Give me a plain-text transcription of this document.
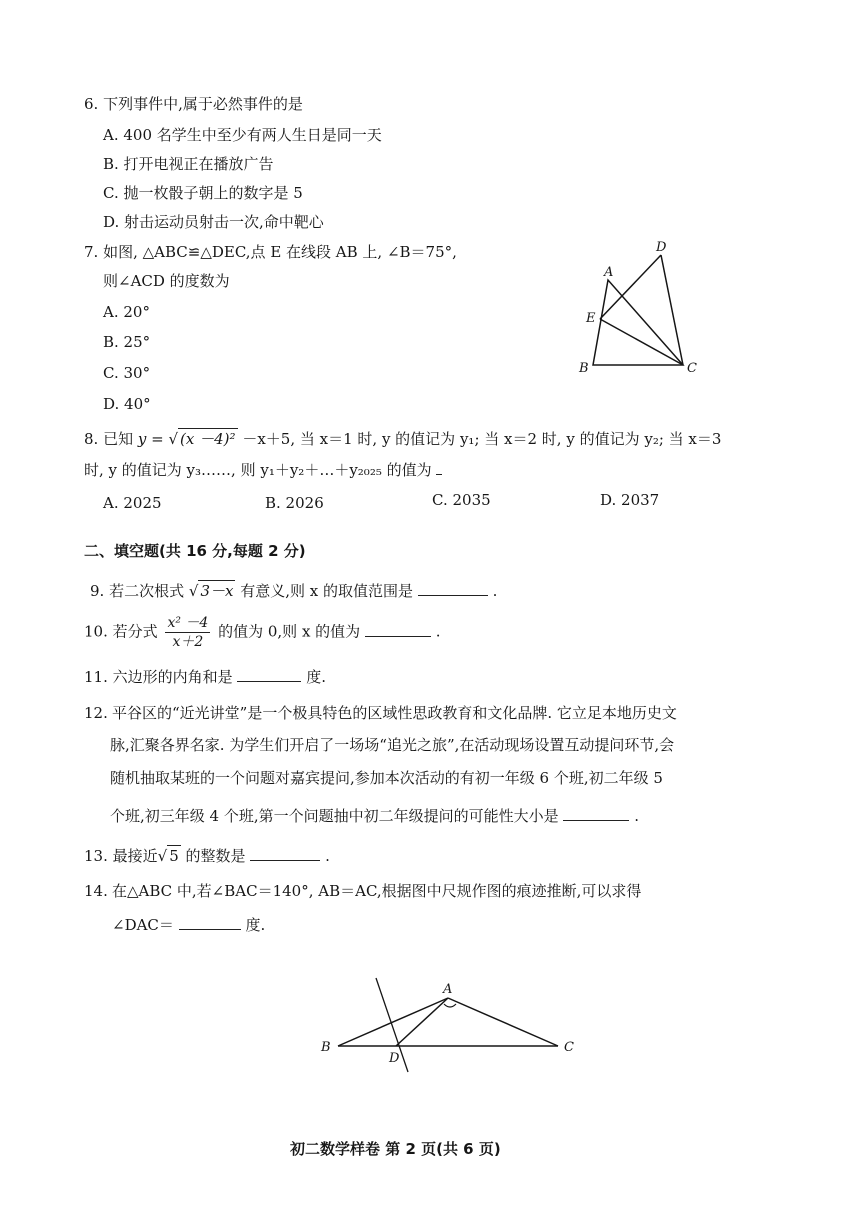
6. 下列事件中,属于必然事件的是
A. 400 名学生中至少有两人生日是同一天
B. 打开电视正在播放广告
C. 抛一枚骰子朝上的数字是 5
D. 射击运动员射击一次,命中靶心
7. 如图, △ABC≌△DEC,点 E 在线段 AB 上, ∠B＝75°,
则∠ACD 的度数为
A. 20°
B. 25°
C. 30°
D. 40°
A
B	C
D
E
8. 已知 y = √ (x －4)² －x＋5, 当 x＝1 时, y 的值记为 y₁; 当 x＝2 时, y 的值记为 y₂; 当 x＝3
时, y 的值记为 y₃……, 则 y₁＋y₂＋…＋y₂₀₂₅ 的值为
A. 2025	B. 2026	C. 2035	D. 2037
二、填空题(共 16 分,每题 2 分)
9. 若二次根式 √ 3－x 有意义,则 x 的取值范围是	.
10. 若分式 $\frac{\text{x² －4}}{x+2}$ 的值为 0,则 x 的值为	.
11. 六边形的内角和是	度.
12. 平谷区的“近光讲堂”是一个极具特色的区域性思政教育和文化品牌. 它立足本地历史文
脉,汇聚各界名家. 为学生们开启了一场场“追光之旅”,在活动现场设置互动提问环节,会
随机抽取某班的一个问题对嘉宾提问,参加本次活动的有初一年级 6 个班,初二年级 5
个班,初三年级 4 个班,第一个问题抽中初二年级提问的可能性大小是	.
13. 最接近√ 5 的整数是	.
14. 在△ABC 中,若∠BAC＝140°, AB＝AC,根据图中尺规作图的痕迹推断,可以求得
∠DAC＝	度.
B
A
C
D
初二数学样卷 第 2 页(共 6 页)
